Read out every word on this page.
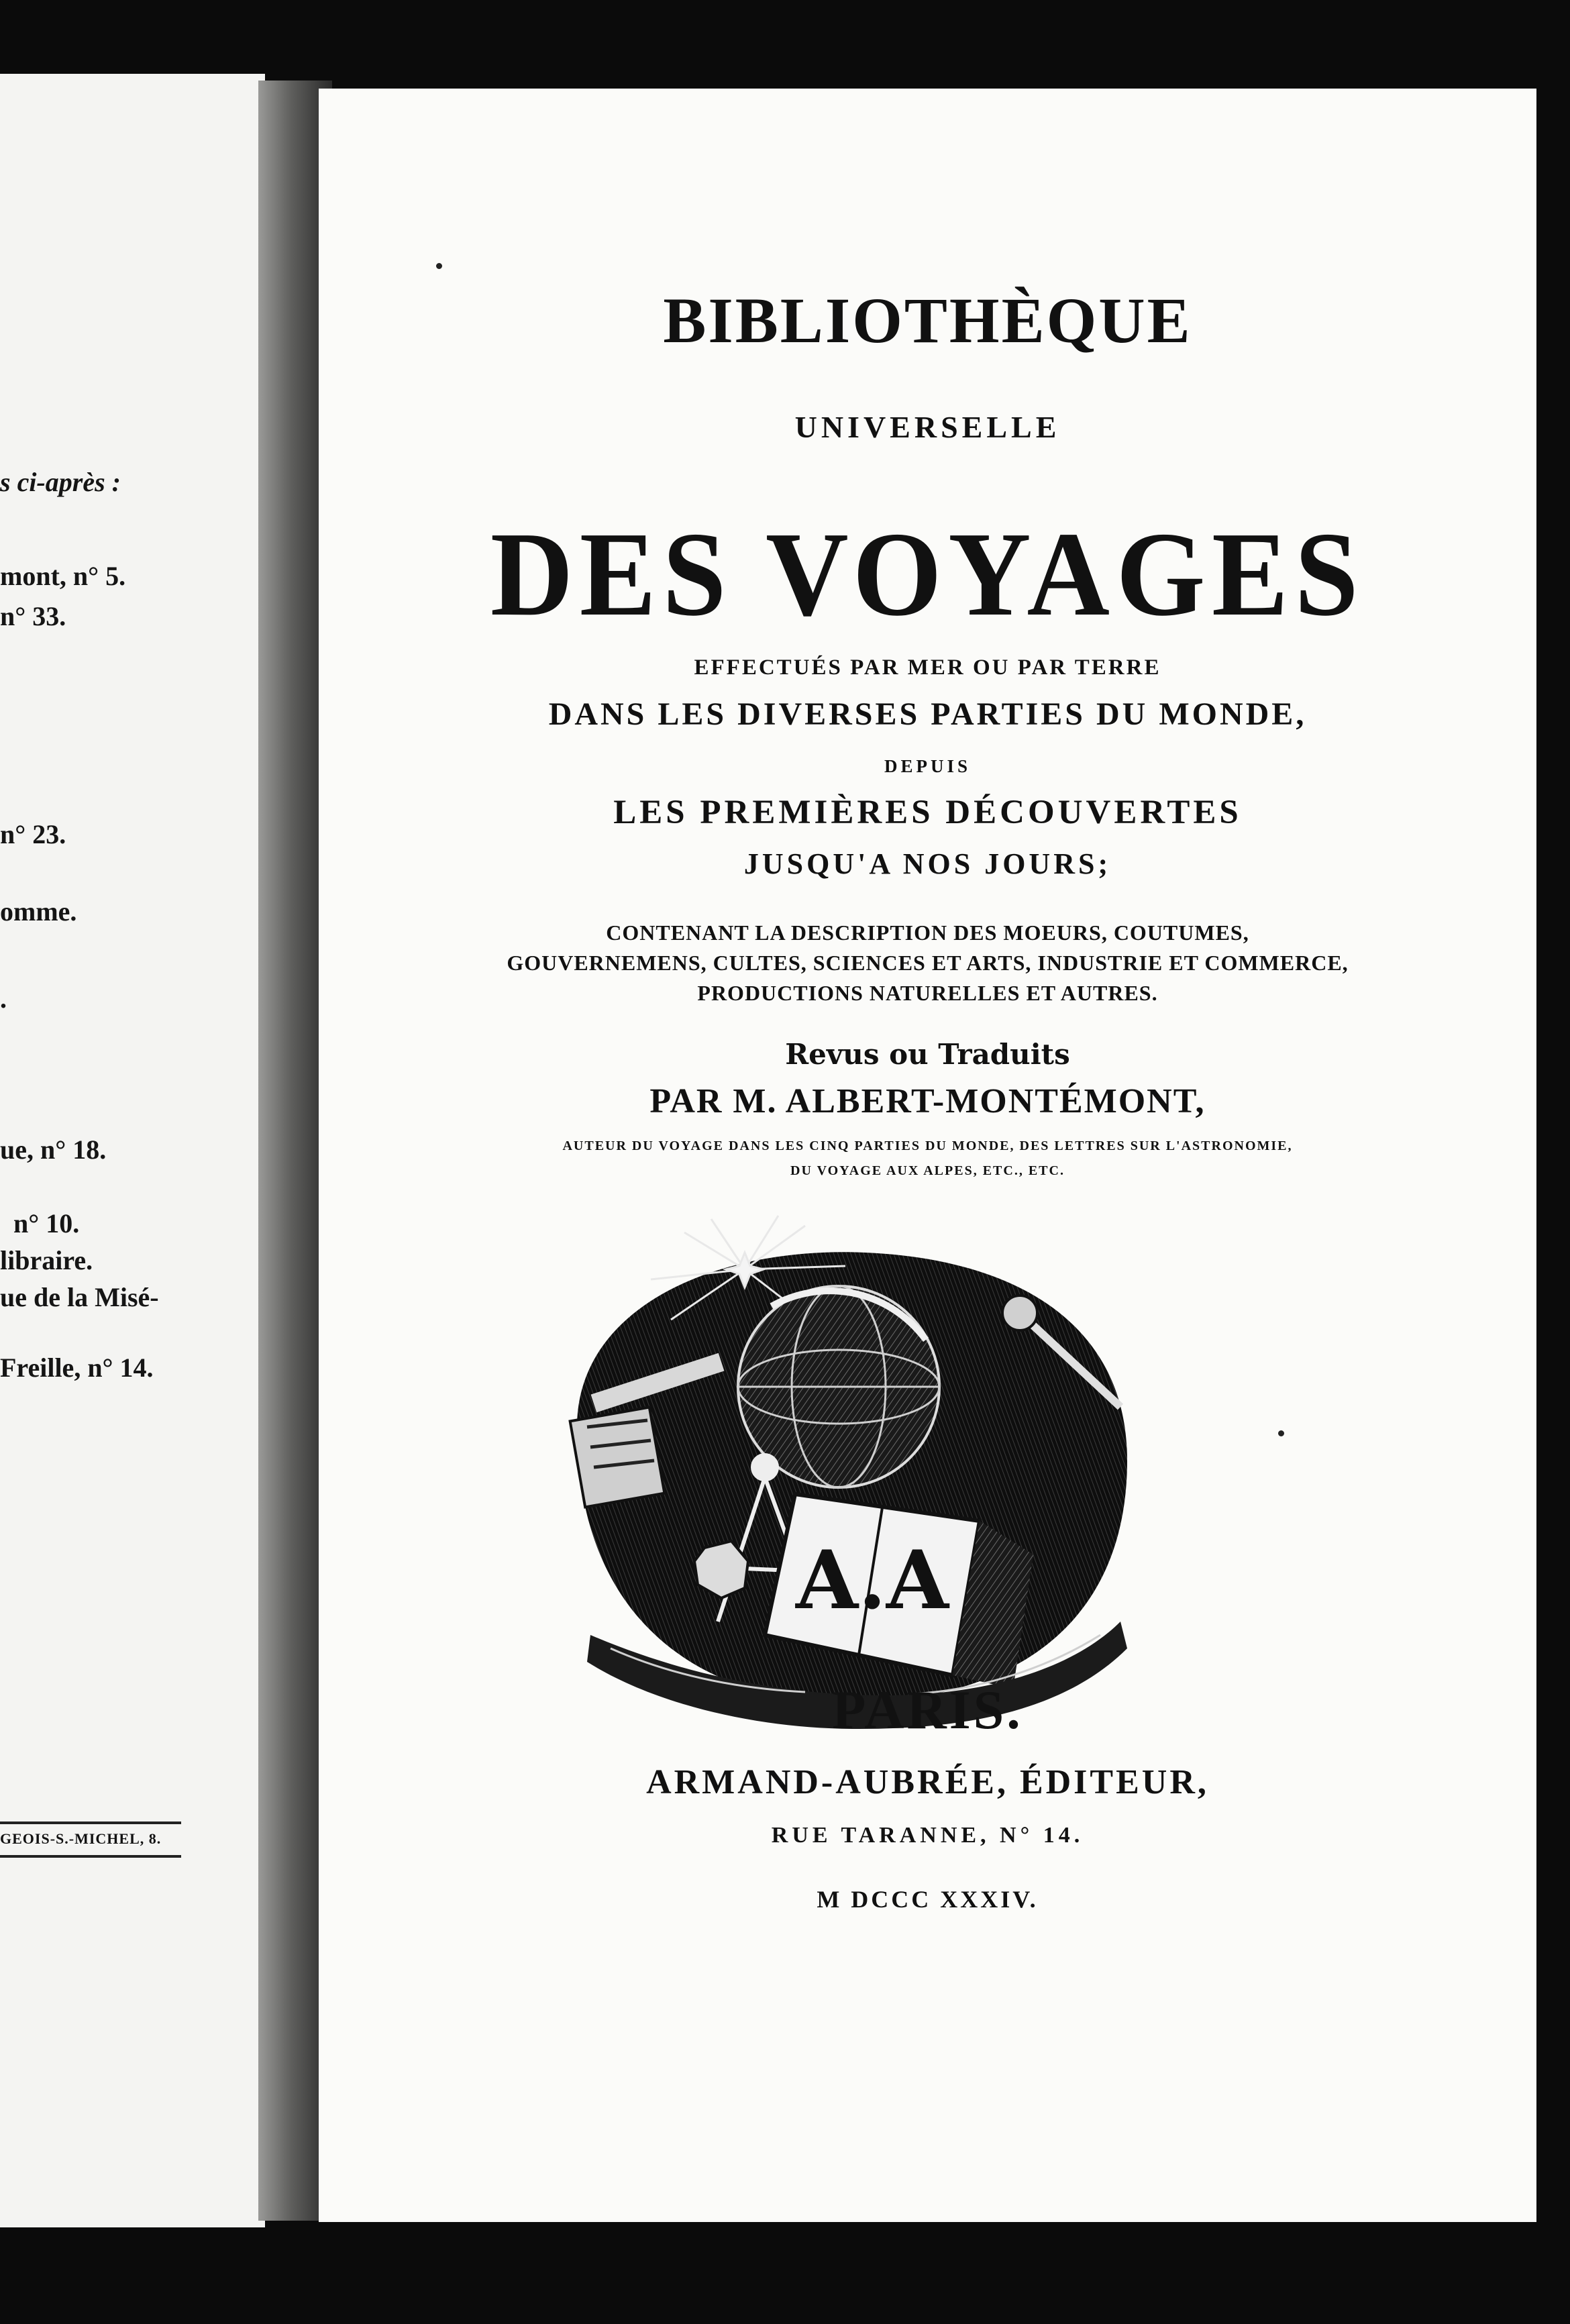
s ci-après :
mont, n° 5.
n° 33.
n° 23.
omme.
.
ue, n° 18.
n° 10.
libraire.
ue de la Misé-
Freille, n° 14.
GEOIS-S.-MICHEL, 8.
BIBLIOTHÈQUE
UNIVERSELLE
DES VOYAGES
EFFECTUÉS PAR MER OU PAR TERRE
DANS LES DIVERSES PARTIES DU MONDE,
DEPUIS
LES PREMIÈRES DÉCOUVERTES
JUSQU'A NOS JOURS;
CONTENANT LA DESCRIPTION DES MOEURS, COUTUMES,
GOUVERNEMENS, CULTES, SCIENCES ET ARTS, INDUSTRIE ET COMMERCE,
PRODUCTIONS NATURELLES ET AUTRES.
Revus ou Traduits
PAR M. ALBERT-MONTÉMONT,
AUTEUR DU VOYAGE DANS LES CINQ PARTIES DU MONDE, DES LETTRES SUR L'ASTRONOMIE,
DU VOYAGE AUX ALPES, ETC., ETC.
A.A
PARIS.
ARMAND-AUBRÉE, ÉDITEUR,
RUE TARANNE, N° 14.
M DCCC XXXIV.
